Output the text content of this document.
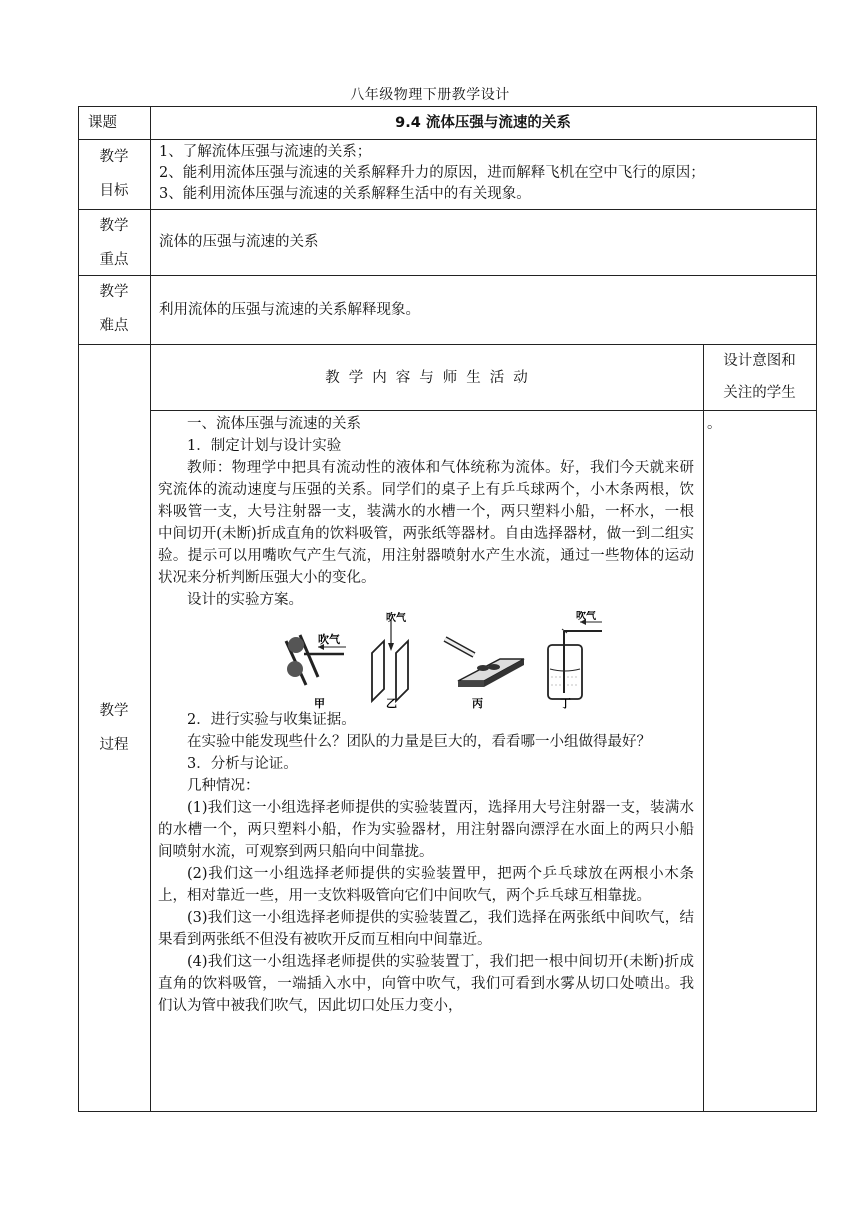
八年级物理下册教学设计
课题	9.4 流体压强与流速的关系
教学
目标
1、了解流体压强与流速的关系；
2、能利用流体压强与流速的关系解释升力的原因，进而解释飞机在空中飞行的原因；
3、能利用流体压强与流速的关系解释生活中的有关现象。
教学
重点
流体的压强与流速的关系
教学
难点
利用流体的压强与流速的关系解释现象。
教学
过程
教学内容与师生活动
设计意图和
关注的学生
。
一、流体压强与流速的关系
1．制定计划与设计实验
教师：物理学中把具有流动性的液体和气体统称为流体。好，我们今天就来研究流体的流动速度与压强的关系。同学们的桌子上有乒乓球两个，小木条两根，饮料吸管一支，大号注射器一支，装满水的水槽一个，两只塑料小船，一杯水，一根中间切开(未断)折成直角的饮料吸管，两张纸等器材。自由选择器材，做一到二组实验。提示可以用嘴吹气产生气流，用注射器喷射水产生水流，通过一些物体的运动状况来分析判断压强大小的变化。
设计的实验方案。
吹气
甲
吹气
乙	丙
吹气
丁
2．进行实验与收集证据。
在实验中能发现些什么？团队的力量是巨大的，看看哪一小组做得最好？
3．分析与论证。
几种情况：
(1)我们这一小组选择老师提供的实验装置丙，选择用大号注射器一支，装满水的水槽一个，两只塑料小船，作为实验器材，用注射器向漂浮在水面上的两只小船间喷射水流，可观察到两只船向中间靠拢。
(2)我们这一小组选择老师提供的实验装置甲，把两个乒乓球放在两根小木条上，相对靠近一些，用一支饮料吸管向它们中间吹气，两个乒乓球互相靠拢。
(3)我们这一小组选择老师提供的实验装置乙，我们选择在两张纸中间吹气，结果看到两张纸不但没有被吹开反而互相向中间靠近。
(4)我们这一小组选择老师提供的实验装置丁，我们把一根中间切开(未断)折成直角的饮料吸管，一端插入水中，向管中吹气，我们可看到水雾从切口处喷出。我们认为管中被我们吹气，因此切口处压力变小，
